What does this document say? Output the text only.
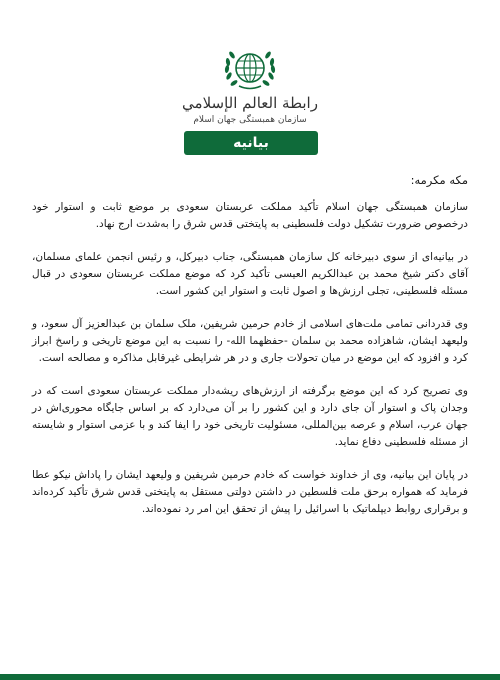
رابطة العالم الإسلامي
سازمان همبستگی جهان اسلام
بیانیه
مکه مکرمه:

سازمان همبستگی جهان اسلام تأکید مملکت عربستان سعودی بر موضع ثابت و استوار خود درخصوص ضرورت تشکیل دولت فلسطینی به پایتختی قدس شرق را به‌شدت ارج نهاد.

در بیانیه‌ای از سوی دبیرخانه کل سازمان همبستگی، جناب دبیرکل، و رئیس انجمن علمای مسلمان، آقای دکتر شیخ محمد بن عبدالکریم العیسی تأکید کرد که موضع مملکت عربستان سعودی در قبال مسئله فلسطینی، تجلی ارزش‌ها و اصول ثابت و استوار این کشور است.

وی قدردانی تمامی ملت‌های اسلامی از خادم حرمین شریفین، ملک سلمان بن عبدالعزیز آل سعود، و ولیعهد ایشان، شاهزاده محمد بن سلمان -حفظهما الله- را نسبت به این موضع تاریخی و راسخ ابراز کرد و افزود که این موضع در میان تحولات جاری و در هر شرایطی غیرقابل مذاکره و مصالحه است.

وی تصریح کرد که این موضع برگرفته از ارزش‌های ریشه‌دار مملکت عربستان سعودی است که در وجدان پاک و استوار آن جای دارد و این کشور را بر آن می‌دارد که بر اساس جایگاه محوری‌اش در جهان عرب، اسلام و عرصه بین‌المللی، مسئولیت تاریخی خود را ایفا کند و با عزمی استوار و شایسته از مسئله فلسطینی دفاع نماید.

در پایان این بیانیه، وی از خداوند خواست که خادم حرمین شریفین و ولیعهد ایشان را پاداش نیکو عطا فرماید که همواره برحق ملت فلسطین در داشتن دولتی مستقل به پایتختی قدس شرق تأکید کرده‌اند و برقراری روابط دیپلماتیک با اسرائیل را پیش از تحقق این امر رد نموده‌اند.
